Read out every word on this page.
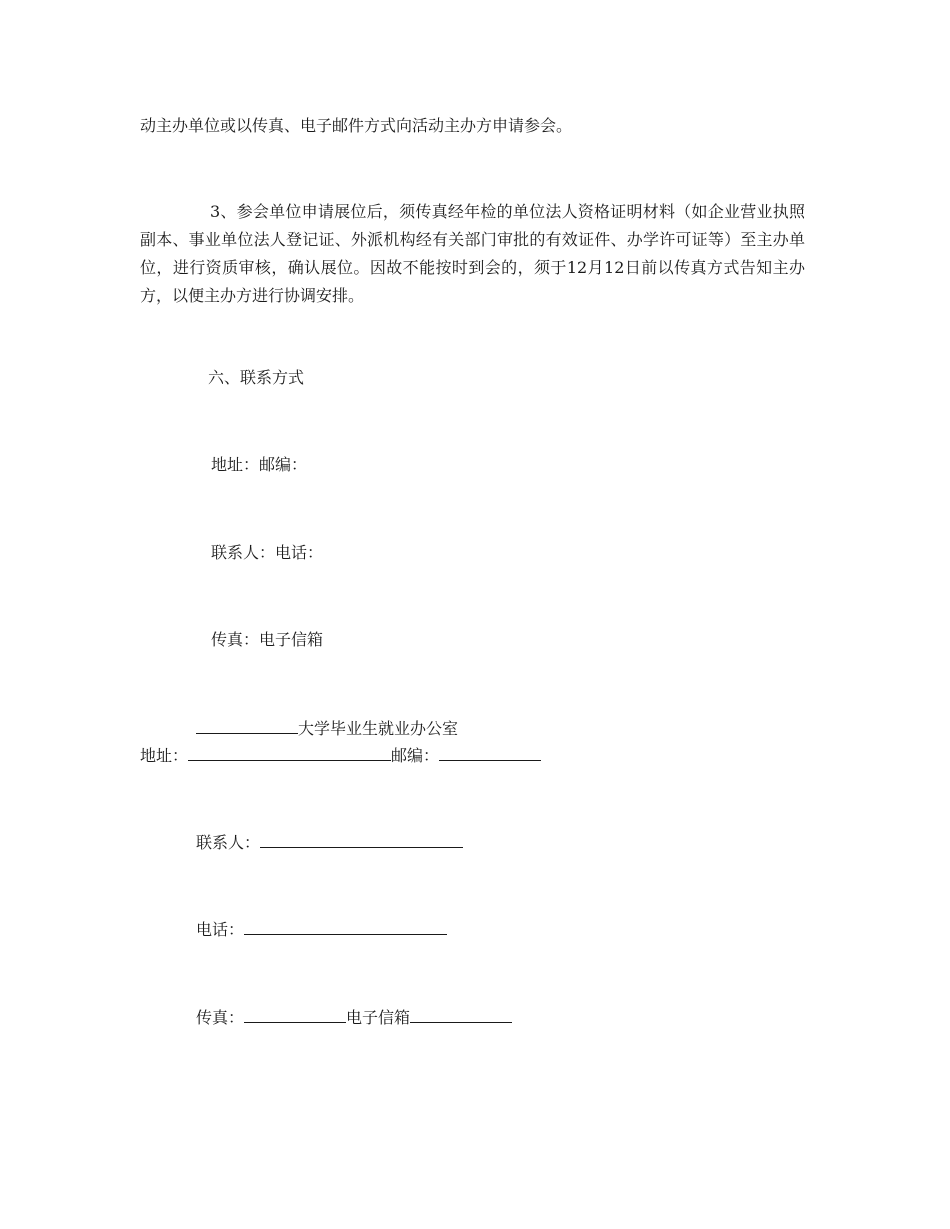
动主办单位或以传真、电子邮件方式向活动主办方申请参会。
3、参会单位申请展位后，须传真经年检的单位法人资格证明材料（如企业营业执照副本、事业单位法人登记证、外派机构经有关部门审批的有效证件、办学许可证等）至主办单位，进行资质审核，确认展位。因故不能按时到会的，须于12月12日前以传真方式告知主办方，以便主办方进行协调安排。
六、联系方式
地址：邮编：
联系人：电话：
传真：电子信箱
大学毕业生就业办公室
地址：	邮编：
联系人：
电话：
传真：	电子信箱
